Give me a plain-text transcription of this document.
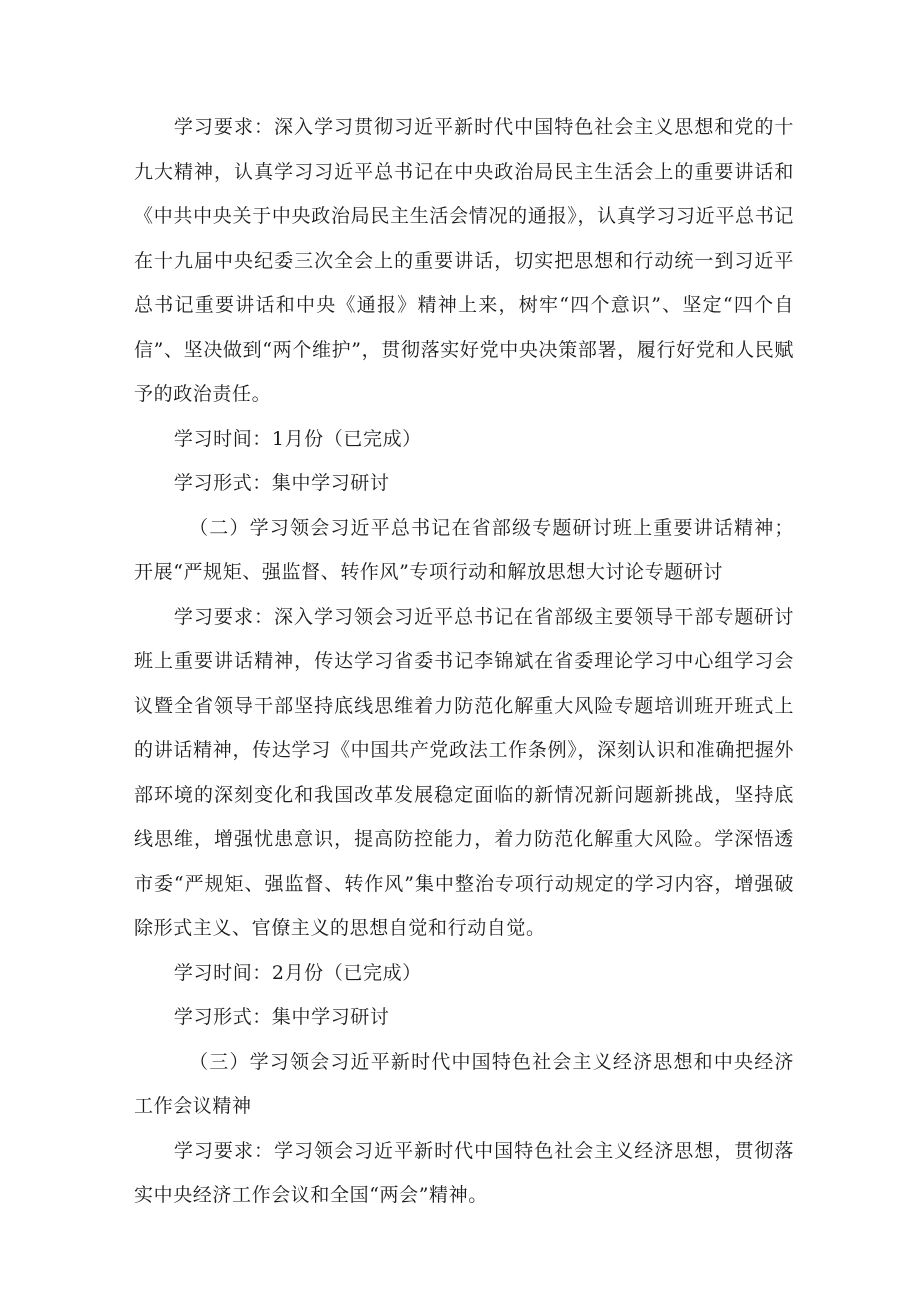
学习要求：深入学习贯彻习近平新时代中国特色社会主义思想和党的十九大精神，认真学习习近平总书记在中央政治局民主生活会上的重要讲话和《中共中央关于中央政治局民主生活会情况的通报》，认真学习习近平总书记在十九届中央纪委三次全会上的重要讲话，切实把思想和行动统一到习近平总书记重要讲话和中央《通报》精神上来，树牢“四个意识”、坚定“四个自信”、坚决做到“两个维护”，贯彻落实好党中央决策部署，履行好党和人民赋予的政治责任。

学习时间：1月份（已完成）

学习形式：集中学习研讨

（二）学习领会习近平总书记在省部级专题研讨班上重要讲话精神；开展“严规矩、强监督、转作风”专项行动和解放思想大讨论专题研讨

学习要求：深入学习领会习近平总书记在省部级主要领导干部专题研讨班上重要讲话精神，传达学习省委书记李锦斌在省委理论学习中心组学习会议暨全省领导干部坚持底线思维着力防范化解重大风险专题培训班开班式上的讲话精神，传达学习《中国共产党政法工作条例》，深刻认识和准确把握外部环境的深刻变化和我国改革发展稳定面临的新情况新问题新挑战，坚持底线思维，增强忧患意识，提高防控能力，着力防范化解重大风险。学深悟透市委“严规矩、强监督、转作风”集中整治专项行动规定的学习内容，增强破除形式主义、官僚主义的思想自觉和行动自觉。

学习时间：2月份（已完成）

学习形式：集中学习研讨

（三）学习领会习近平新时代中国特色社会主义经济思想和中央经济工作会议精神

学习要求：学习领会习近平新时代中国特色社会主义经济思想，贯彻落实中央经济工作会议和全国“两会”精神。
